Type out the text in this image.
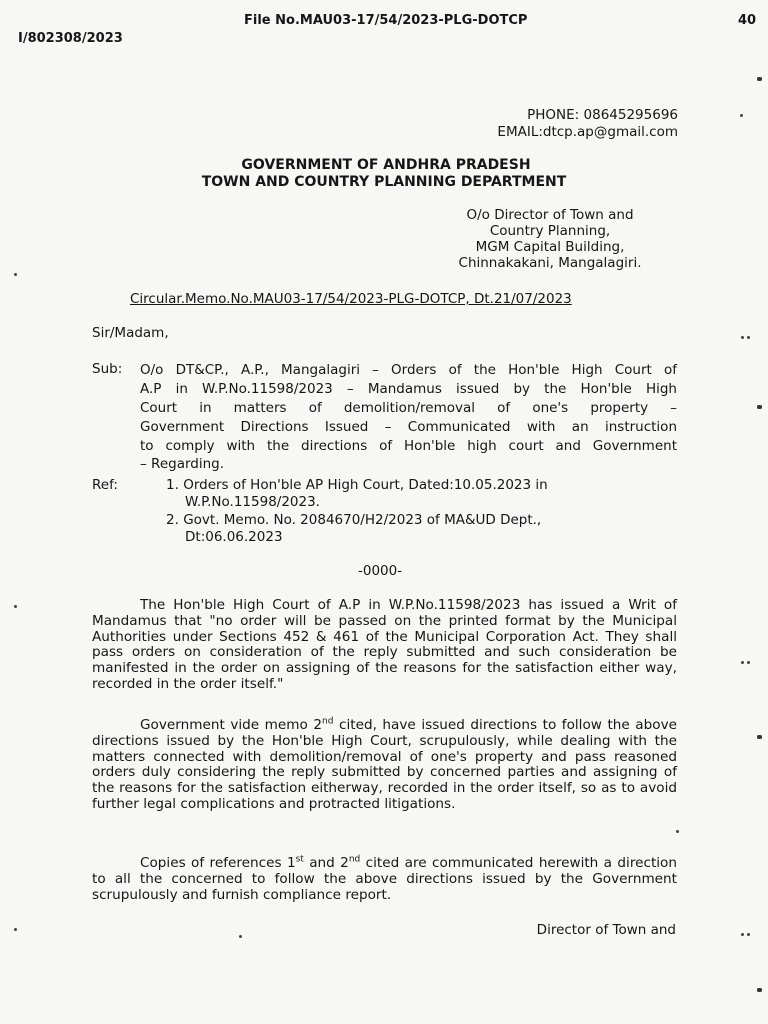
File No.MAU03-17/54/2023-PLG-DOTCP	40
I/802308/2023
PHONE: 08645295696
EMAIL:dtcp.ap@gmail.com
GOVERNMENT OF ANDHRA PRADESH
TOWN AND COUNTRY PLANNING DEPARTMENT
O/o Director of Town and
Country Planning,
MGM Capital Building,
Chinnakakani, Mangalagiri.
Circular.Memo.No.MAU03-17/54/2023-PLG-DOTCP, Dt.21/07/2023
Sir/Madam,
Sub: O/o DT&CP., A.P., Mangalagiri – Orders of the Hon'ble High Court of
A.P in W.P.No.11598/2023 – Mandamus issued by the Hon'ble High
Court in matters of demolition/removal of one's property –
Government Directions Issued – Communicated with an instruction
to comply with the directions of Hon'ble high court and Government
– Regarding.
Ref:	1. Orders of Hon'ble AP High Court, Dated:10.05.2023 in
W.P.No.11598/2023.
2. Govt. Memo. No. 2084670/H2/2023 of MA&UD Dept.,
Dt:06.06.2023
-0000-

The Hon'ble High Court of A.P in W.P.No.11598/2023 has issued a Writ of Mandamus that "no order will be passed on the printed format by the Municipal Authorities under Sections 452 & 461 of the Municipal Corporation Act. They shall pass orders on consideration of the reply submitted and such consideration be manifested in the order on assigning of the reasons for the satisfaction either way, recorded in the order itself."

Government vide memo 2nd cited, have issued directions to follow the above directions issued by the Hon'ble High Court, scrupulously, while dealing with the matters connected with demolition/removal of one's property and pass reasoned orders duly considering the reply submitted by concerned parties and assigning of the reasons for the satisfaction eitherway, recorded in the order itself, so as to avoid further legal complications and protracted litigations.

Copies of references 1st and 2nd cited are communicated herewith a direction to all the concerned to follow the above directions issued by the Government scrupulously and furnish compliance report.

Director of Town and
